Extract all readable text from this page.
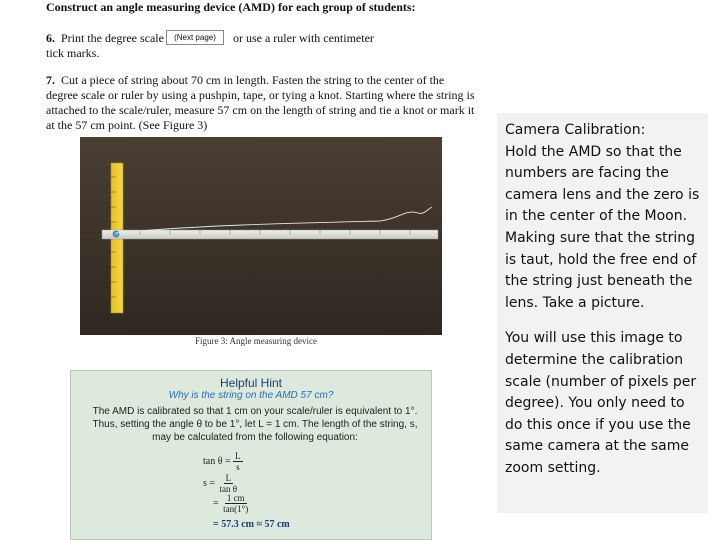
Construct an angle measuring device (AMD) for each group of students:
6. Print the degree scale	or use a ruler with centimeter tick marks.
(Next page)
7. Cut a piece of string about 70 cm in length. Fasten the string to the center of the degree scale or ruler by using a pushpin, tape, or tying a knot. Starting where the string is attached to the scale/ruler, measure 57 cm on the length of string and tie a knot or mark it at the 57 cm point. (See Figure 3)
Figure 3: Angle measuring device
Helpful Hint
Why is the string on the AMD 57 cm?
The AMD is calibrated so that 1 cm on your scale/ruler is equivalent to 1°. Thus, setting the angle θ to be 1°, let L = 1 cm. The length of the string, s, may be calculated from the following equation:
$\tan \theta = \frac{L}{s}$
$s = \frac{L}{\text{tan θ}}$
= $\frac{1 cm}{\tan(1^\circ)}$
= 57.3 cm ≈ 57 cm
Camera Calibration:
Hold the AMD so that the numbers are facing the camera lens and the zero is in the center of the Moon. Making sure that the string is taut, hold the free end of the string just beneath the lens. Take a picture.
You will use this image to determine the calibration scale (number of pixels per degree). You only need to do this once if you use the same camera at the same zoom setting.
